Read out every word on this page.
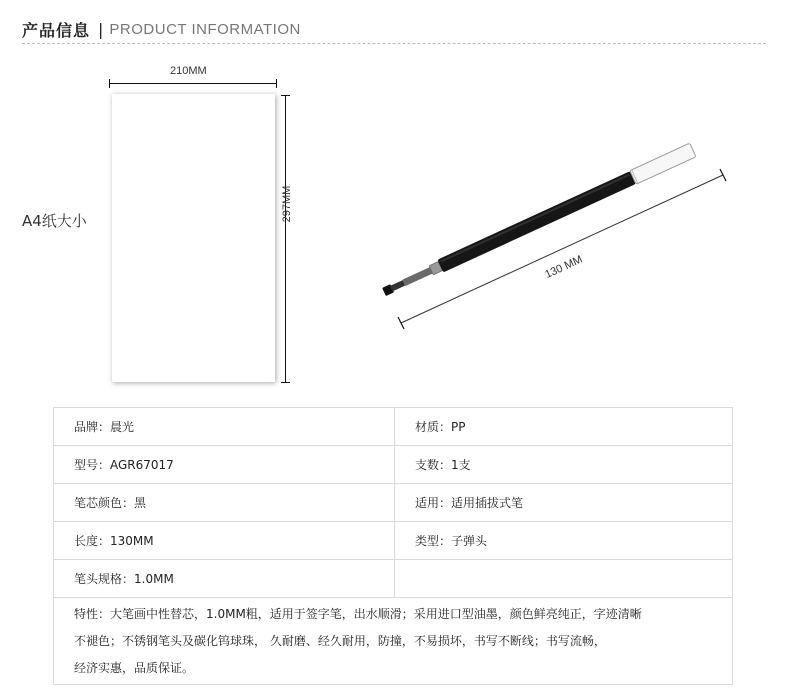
产品信息 | PRODUCT INFORMATION
210MM
297MM
A4纸大小
130 MM
品牌：晨光	材质：PP
型号：AGR67017	支数：1支
笔芯颜色：黑	适用：适用插拔式笔
长度：130MM	类型：子弹头
笔头规格：1.0MM	

特性：大笔画中性替芯，1.0MM粗，适用于签字笔，出水顺滑；采用进口型油墨，颜色鲜亮纯正，字迹清晰

不褪色；不锈钢笔头及碳化钨球珠， 久耐磨、经久耐用，防撞，不易损坏，书写不断线；书写流畅，

经济实惠，品质保证。	
